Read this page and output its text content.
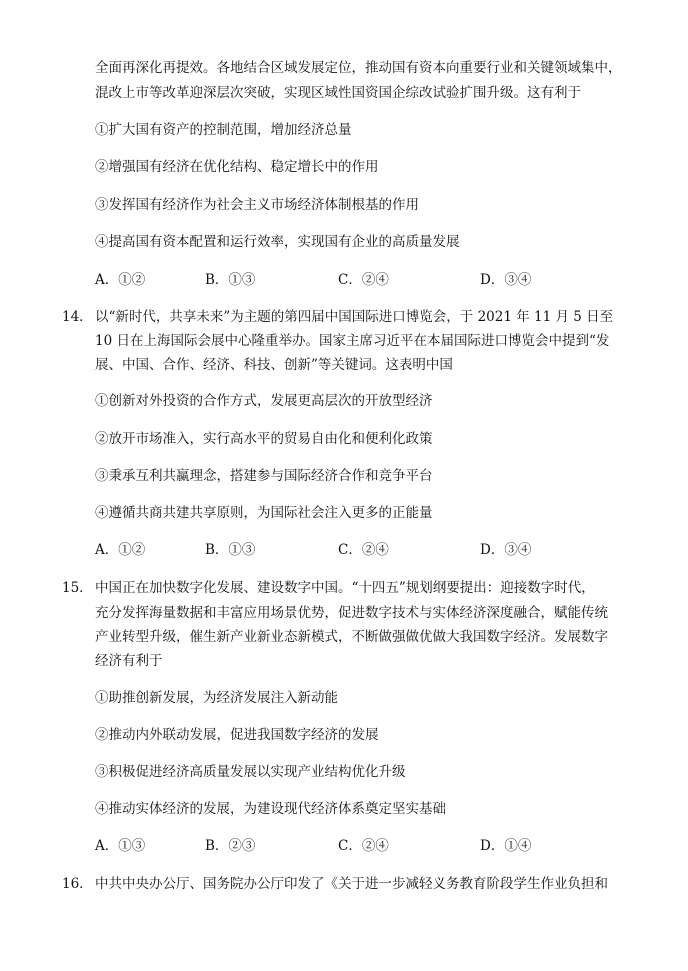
全面再深化再提效。各地结合区域发展定位，推动国有资本向重要行业和关键领域集中，
混改上市等改革迎深层次突破，实现区域性国资国企综改试验扩围升级。这有利于
①扩大国有资产的控制范围，增加经济总量
②增强国有经济在优化结构、稳定增长中的作用
③发挥国有经济作为社会主义市场经济体制根基的作用
④提高国有资本配置和运行效率，实现国有企业的高质量发展
A．①②	B．①③	C．②④	D．③④
14． 以“新时代，共享未来”为主题的第四届中国国际进口博览会，于 2021 年 11 月 5 日至
10 日在上海国际会展中心隆重举办。国家主席习近平在本届国际进口博览会中提到“发
展、中国、合作、经济、科技、创新”等关键词。这表明中国
①创新对外投资的合作方式，发展更高层次的开放型经济
②放开市场准入，实行高水平的贸易自由化和便利化政策
③秉承互利共赢理念，搭建参与国际经济合作和竞争平台
④遵循共商共建共享原则，为国际社会注入更多的正能量
A．①②	B．①③	C．②④	D．③④
15． 中国正在加快数字化发展、建设数字中国。“十四五”规划纲要提出：迎接数字时代，
充分发挥海量数据和丰富应用场景优势，促进数字技术与实体经济深度融合，赋能传统
产业转型升级，催生新产业新业态新模式，不断做强做优做大我国数字经济。发展数字
经济有利于
①助推创新发展，为经济发展注入新动能
②推动内外联动发展，促进我国数字经济的发展
③积极促进经济高质量发展以实现产业结构优化升级
④推动实体经济的发展，为建设现代经济体系奠定坚实基础
A．①③	B．②③	C．②④	D．①④
16． 中共中央办公厅、国务院办公厅印发了《关于进一步减轻义务教育阶段学生作业负担和
